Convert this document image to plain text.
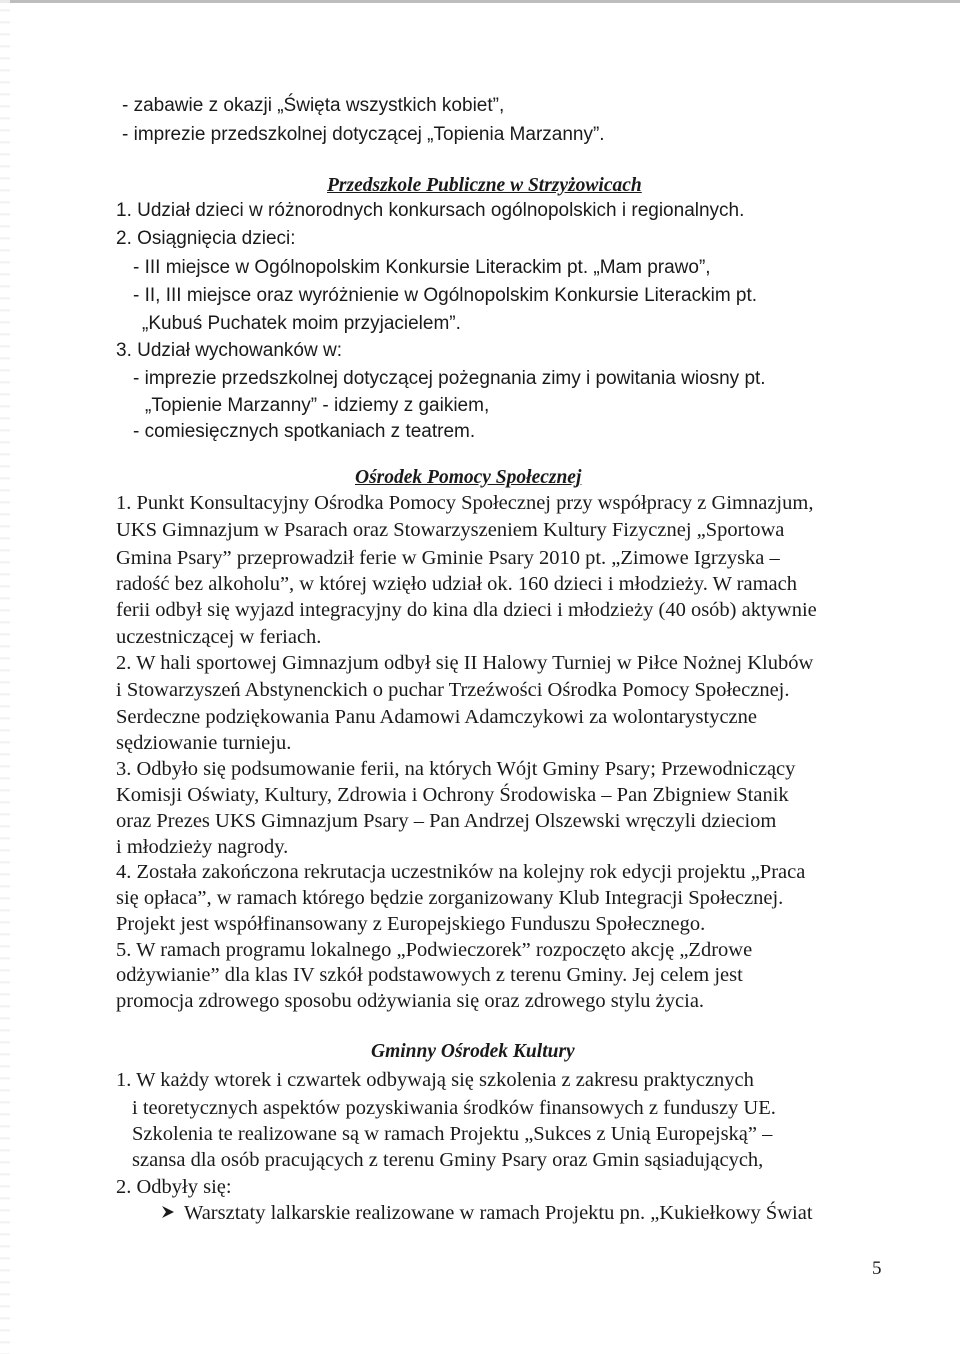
- zabawie z okazji „Święta wszystkich kobiet”,
- imprezie przedszkolnej dotyczącej „Topienia Marzanny”.
Przedszkole Publiczne w Strzyżowicach
1. Udział dzieci w różnorodnych konkursach ogólnopolskich i regionalnych.
2. Osiągnięcia dzieci:
- III miejsce w Ogólnopolskim Konkursie Literackim pt. „Mam prawo”,
- II, III miejsce oraz wyróżnienie w Ogólnopolskim Konkursie Literackim pt.
„Kubuś Puchatek moim przyjacielem”.
3. Udział wychowanków w:
- imprezie przedszkolnej dotyczącej pożegnania zimy i powitania wiosny pt.
„Topienie Marzanny” - idziemy z gaikiem,
- comiesięcznych spotkaniach z teatrem.
Ośrodek Pomocy Społecznej
1. Punkt Konsultacyjny Ośrodka Pomocy Społecznej przy współpracy z Gimnazjum,
UKS Gimnazjum w Psarach oraz Stowarzyszeniem Kultury Fizycznej „Sportowa
Gmina Psary” przeprowadził ferie w Gminie Psary 2010 pt. „Zimowe Igrzyska –
radość bez alkoholu”, w której wzięło udział ok. 160 dzieci i młodzieży. W ramach
ferii odbył się wyjazd integracyjny do kina dla dzieci i młodzieży (40 osób) aktywnie
uczestniczącej w feriach.
2. W hali sportowej Gimnazjum odbył się II Halowy Turniej w Piłce Nożnej Klubów
i Stowarzyszeń Abstynenckich o puchar Trzeźwości Ośrodka Pomocy Społecznej.
Serdeczne podziękowania Panu Adamowi Adamczykowi za wolontarystyczne
sędziowanie turnieju.
3. Odbyło się podsumowanie ferii, na których Wójt Gminy Psary; Przewodniczący
Komisji Oświaty, Kultury, Zdrowia i Ochrony Środowiska – Pan Zbigniew Stanik
oraz Prezes UKS Gimnazjum Psary – Pan Andrzej Olszewski wręczyli dzieciom
i młodzieży nagrody.
4. Została zakończona rekrutacja uczestników na kolejny rok edycji projektu „Praca
się opłaca”, w ramach którego będzie zorganizowany Klub Integracji Społecznej.
Projekt jest współfinansowany z Europejskiego Funduszu Społecznego.
5. W ramach programu lokalnego „Podwieczorek” rozpoczęto akcję „Zdrowe
odżywianie” dla klas IV szkół podstawowych z terenu Gminy. Jej celem jest
promocja zdrowego sposobu odżywiania się oraz zdrowego stylu życia.
Gminny Ośrodek Kultury
1. W każdy wtorek i czwartek odbywają się szkolenia z zakresu praktycznych
i teoretycznych aspektów pozyskiwania środków finansowych z funduszy UE.
Szkolenia te realizowane są w ramach Projektu „Sukces z Unią Europejską” –
szansa dla osób pracujących z terenu Gminy Psary oraz Gmin sąsiadujących,
2. Odbyły się:
Warsztaty lalkarskie realizowane w ramach Projektu pn. „Kukiełkowy Świat
5
